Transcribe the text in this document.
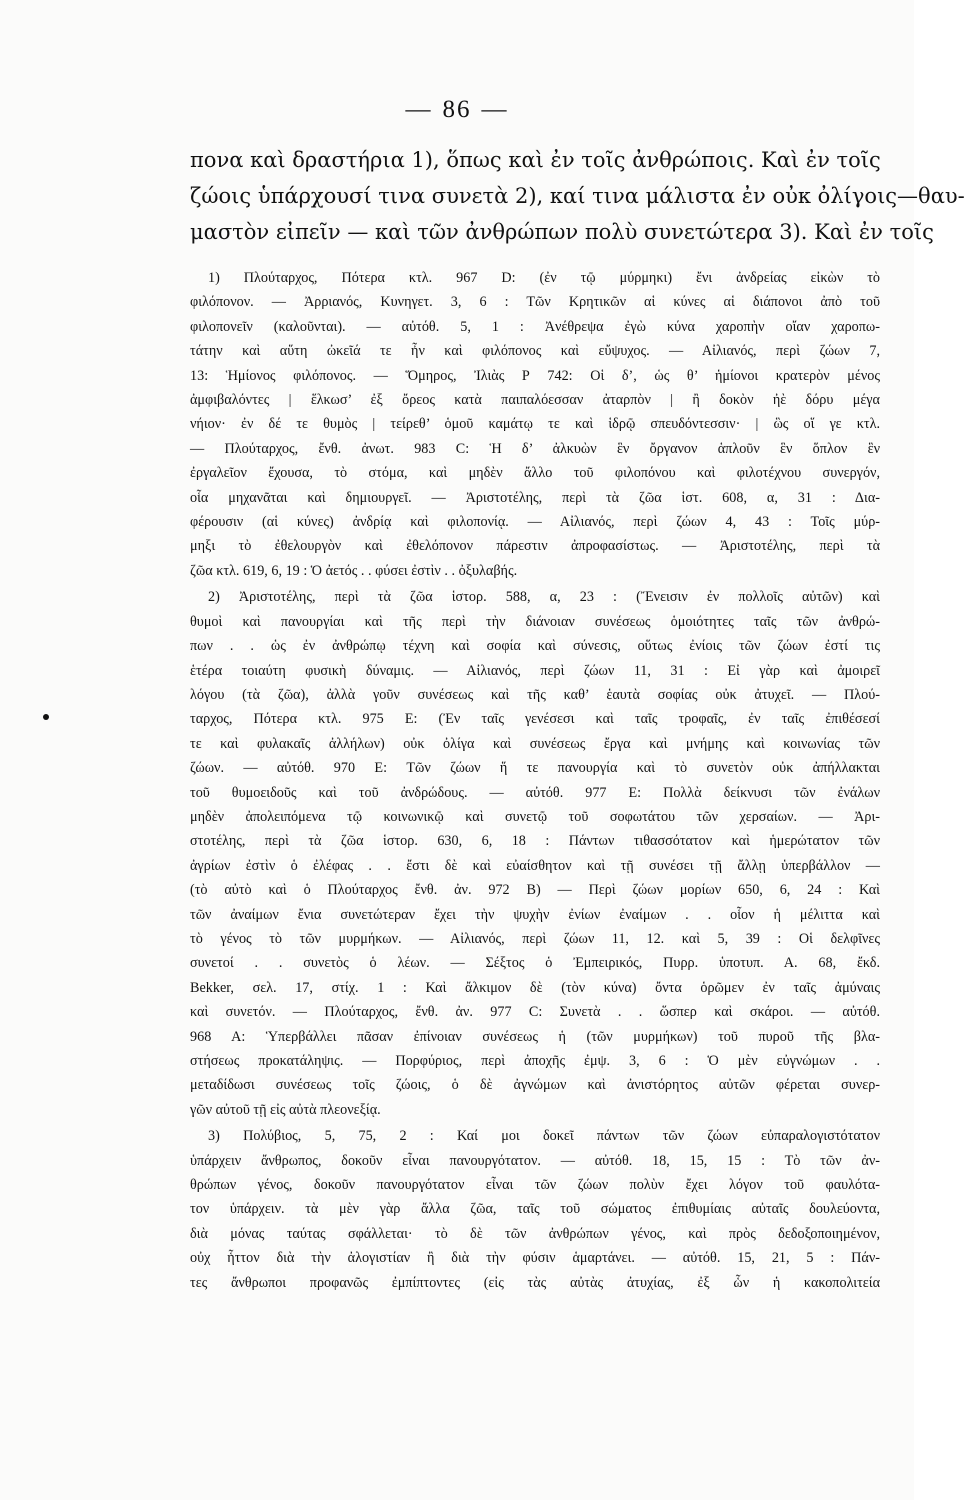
— 86 —
πονα καὶ δραστήρια 1), ὅπως καὶ ἐν τοῖς ἀνθρώποις. Καὶ ἐν τοῖς
ζώοις ὑπάρχουσί τινα συνετὰ 2), καί τινα μάλιστα ἐν οὐκ ὀλίγοις—θαυ-
μαστὸν εἰπεῖν — καὶ τῶν ἀνθρώπων πολὺ συνετώτερα 3). Καὶ ἐν τοῖς
1) Πλούταρχος, Πότερα κτλ. 967 D: (ἐν τῷ μύρμηκι) ἔνι ἀνδρείας εἰκὼν τὸ
φιλόπονον. — Ἀρριανός, Κυνηγετ. 3, 6 : Τῶν Κρητικῶν αἱ κύνες αἱ διάπονοι ἀπὸ τοῦ
φιλοπονεῖν (καλοῦνται). — αὐτόθ. 5, 1 : Ἀνέθρεψα ἐγὼ κύνα χαροπὴν οἴαν χαροπω-
τάτην καὶ αὕτη ὠκεῖά τε ἦν καὶ φιλόπονος καὶ εὔψυχος. — Αἰλιανός, περὶ ζώων 7,
13: Ἡμίονος φιλόπονος. — Ὅμηρος, Ἰλιὰς Ρ 742: Οἱ δ’, ὡς θ’ ἡμίονοι κρατερὸν μένος
ἀμφιβαλόντες | ἕλκωσ’ ἐξ ὄρεος κατὰ παιπαλόεσσαν ἀταρπὸν | ἢ δοκὸν ἠὲ δόρυ μέγα
νήιον· ἐν δέ τε θυμὸς | τείρεθ’ ὁμοῦ καμάτῳ τε καὶ ἱδρῷ σπευδόντεσσιν· | ὣς οἵ γε κτλ.
— Πλούταρχος, ἔνθ. ἀνωτ. 983 C: Ἡ δ’ ἀλκυὼν ἓν ὄργανον ἁπλοῦν ἓν ὅπλον ἓν
ἐργαλεῖον ἔχουσα, τὸ στόμα, καὶ μηδὲν ἄλλο τοῦ φιλοπόνου καὶ φιλοτέχνου συνεργόν,
οἷα μηχανᾶται καὶ δημιουργεῖ. — Ἀριστοτέλης, περὶ τὰ ζῶα ἱστ. 608, α, 31 : Δια-
φέρουσιν (αἱ κύνες) ἀνδρίᾳ καὶ φιλοπονίᾳ. — Αἰλιανός, περὶ ζώων 4, 43 : Τοῖς μύρ-
μηξι τὸ ἐθελουργὸν καὶ ἐθελόπονον πάρεστιν ἀπροφασίστως. — Ἀριστοτέλης, περὶ τὰ
ζῶα κτλ. 619, 6, 19 : Ὁ ἀετός . . φύσει ἐστὶν . . ὀξυλαβής.
2) Ἀριστοτέλης, περὶ τὰ ζῶα ἱστορ. 588, α, 23 : (Ἔνεισιν ἐν πολλοῖς αὐτῶν) καὶ
θυμοὶ καὶ πανουργίαι καὶ τῆς περὶ τὴν διάνοιαν συνέσεως ὁμοιότητες ταῖς τῶν ἀνθρώ-
πων . . ὡς ἐν ἀνθρώπῳ τέχνη καὶ σοφία καὶ σύνεσις, οὕτως ἐνίοις τῶν ζώων ἐστί τις
ἑτέρα τοιαύτη φυσικὴ δύναμις. — Αἰλιανός, περὶ ζώων 11, 31 : Εἰ γὰρ καὶ ἀμοιρεῖ
λόγου (τὰ ζῶα), ἀλλὰ γοῦν συνέσεως καὶ τῆς καθ’ ἑαυτὰ σοφίας οὐκ ἀτυχεῖ. — Πλού-
ταρχος, Πότερα κτλ. 975 E: (Ἐν ταῖς γενέσεσι καὶ ταῖς τροφαῖς, ἐν ταῖς ἐπιθέσεσί
τε καὶ φυλακαῖς ἀλλήλων) οὐκ ὀλίγα καὶ συνέσεως ἔργα καὶ μνήμης καὶ κοινωνίας τῶν
ζώων. — αὐτόθ. 970 E: Τῶν ζώων ἥ τε πανουργία καὶ τὸ συνετὸν οὐκ ἀπήλλακται
τοῦ θυμοειδοῦς καὶ τοῦ ἀνδρώδους. — αὐτόθ. 977 E: Πολλὰ δείκνυσι τῶν ἐνάλων
μηδὲν ἀπολειπόμενα τῷ κοινωνικῷ καὶ συνετῷ τοῦ σοφωτάτου τῶν χερσαίων. — Ἀρι-
στοτέλης, περὶ τὰ ζῶα ἱστορ. 630, 6, 18 : Πάντων τιθασσότατον καὶ ἡμερώτατον τῶν
ἀγρίων ἐστὶν ὁ ἐλέφας . . ἔστι δὲ καὶ εὐαίσθητον καὶ τῇ συνέσει τῇ ἄλλῃ ὑπερβάλλον —
(τὸ αὐτὸ καὶ ὁ Πλούταρχος ἔνθ. ἀν. 972 B) — Περὶ ζώων μορίων 650, 6, 24 : Καὶ
τῶν ἀναίμων ἔνια συνετώτεραν ἔχει τὴν ψυχὴν ἐνίων ἐναίμων . . οἷον ἡ μέλιττα καὶ
τὸ γένος τὸ τῶν μυρμήκων. — Αἰλιανός, περὶ ζώων 11, 12. καὶ 5, 39 : Οἱ δελφῖνες
συνετοί . . συνετὸς ὁ λέων. — Σέξτος ὁ Ἐμπειρικός, Πυρρ. ὑποτυπ. Α. 68, ἔκδ.
Bekker, σελ. 17, στίχ. 1 : Καὶ ἄλκιμον δὲ (τὸν κύνα) ὄντα ὁρῶμεν ἐν ταῖς ἀμύναις
καὶ συνετόν. — Πλούταρχος, ἔνθ. ἀν. 977 C: Συνετὰ . . ὥσπερ καὶ σκάροι. — αὐτόθ.
968 A: Ὑπερβάλλει πᾶσαν ἐπίνοιαν συνέσεως ἡ (τῶν μυρμήκων) τοῦ πυροῦ τῆς βλα-
στήσεως προκατάληψις. — Πορφύριος, περὶ ἀποχῆς ἐμψ. 3, 6 : Ὁ μὲν εὐγνώμων . .
μεταδίδωσι συνέσεως τοῖς ζώοις, ὁ δὲ ἀγνώμων καὶ ἀνιστόρητος αὐτῶν φέρεται συνερ-
γῶν αὐτοῦ τῇ εἰς αὐτὰ πλεονεξίᾳ.
3) Πολύβιος, 5, 75, 2 : Καί μοι δοκεῖ πάντων τῶν ζώων εὐπαραλογιστότατον
ὑπάρχειν ἄνθρωπος, δοκοῦν εἶναι πανουργότατον. — αὐτόθ. 18, 15, 15 : Τὸ τῶν ἀν-
θρώπων γένος, δοκοῦν πανουργότατον εἶναι τῶν ζώων πολὺν ἔχει λόγον τοῦ φαυλότα-
τον ὑπάρχειν. τὰ μὲν γὰρ ἄλλα ζῶα, ταῖς τοῦ σώματος ἐπιθυμίαις αὐταῖς δουλεύοντα,
διὰ μόνας ταύτας σφάλλεται· τὸ δὲ τῶν ἀνθρώπων γένος, καὶ πρὸς δεδοξοποιημένον,
οὐχ ἧττον διὰ τὴν ἀλογιστίαν ἢ διὰ τὴν φύσιν ἁμαρτάνει. — αὐτόθ. 15, 21, 5 : Πάν-
τες ἄνθρωποι προφανῶς ἐμπίπτοντες (εἰς τὰς αὐτὰς ἀτυχίας, ἐξ ὧν ἡ κακοπολιτεία
